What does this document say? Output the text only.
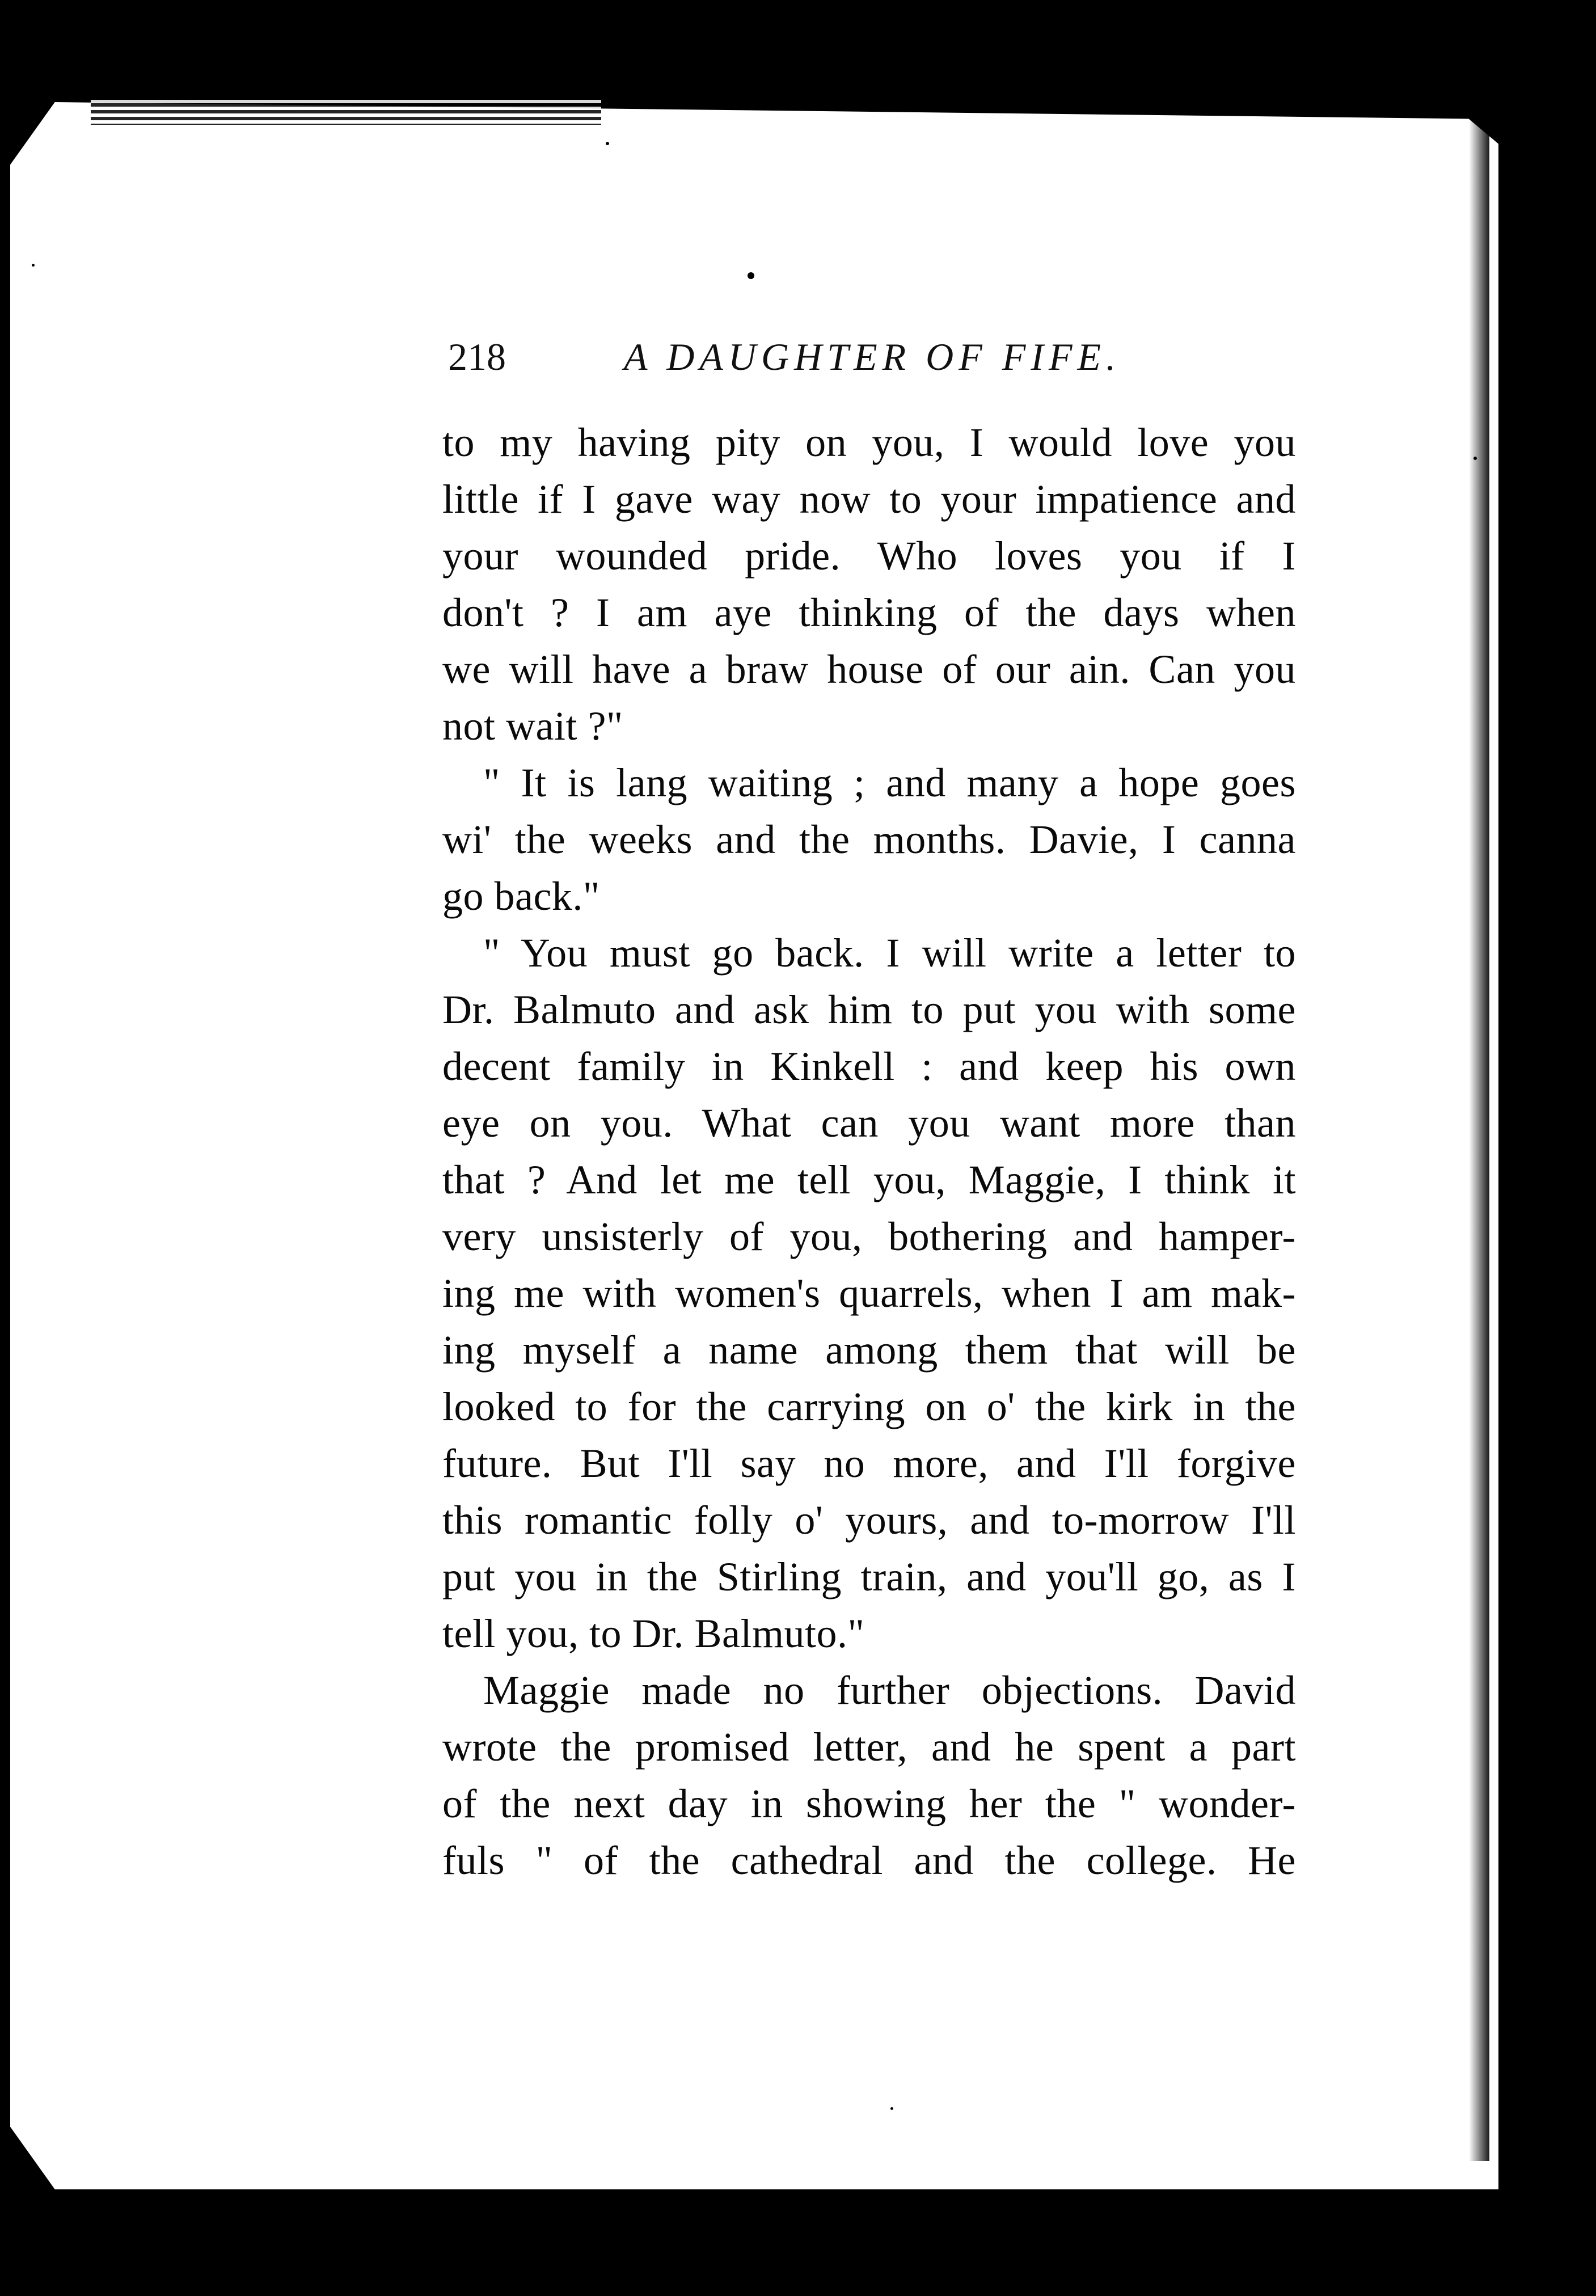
218	A DAUGHTER OF FIFE.
to my having pity on you, I would love you
little if I gave way now to your impatience and
your wounded pride. Who loves you if I
don't ? I am aye thinking of the days when
we will have a braw house of our ain. Can you
not wait ?"
" It is lang waiting ; and many a hope goes
wi' the weeks and the months. Davie, I canna
go back."
" You must go back. I will write a letter to
Dr. Balmuto and ask him to put you with some
decent family in Kinkell : and keep his own
eye on you. What can you want more than
that ? And let me tell you, Maggie, I think it
very unsisterly of you, bothering and hamper-
ing me with women's quarrels, when I am mak-
ing myself a name among them that will be
looked to for the carrying on o' the kirk in the
future. But I'll say no more, and I'll forgive
this romantic folly o' yours, and to-morrow I'll
put you in the Stirling train, and you'll go, as I
tell you, to Dr. Balmuto."
Maggie made no further objections. David
wrote the promised letter, and he spent a part
of the next day in showing her the " wonder-
fuls " of the cathedral and the college. He
